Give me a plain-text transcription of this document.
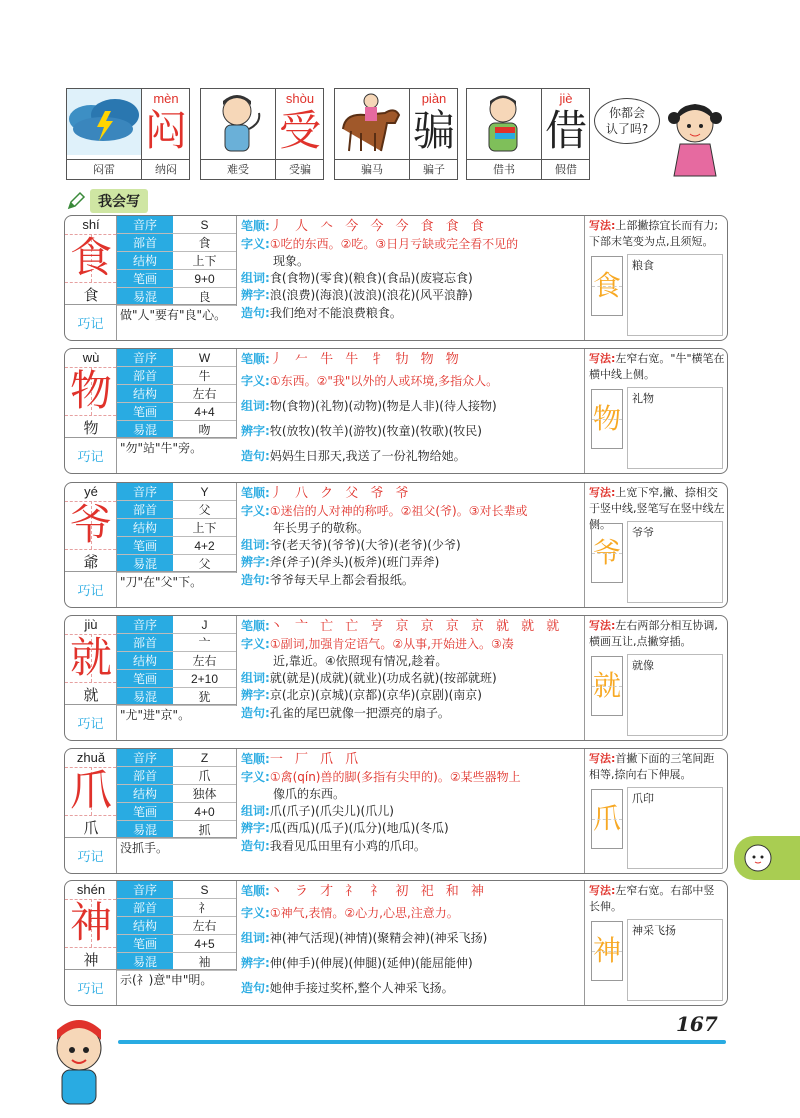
mèn
闷
闷雷	纳闷
shòu
受
难受	受骗
piàn
骗
骗马	骗子
jiè
借
借书	假借
你都会
认了吗?
我会写
shí
食
食
音序	S
部首	食
结构	上下
笔画	9+0
易混	良
巧记
做"人"要有"良"心。
笔顺:丿 人 𠆢 今 今 今 食 食 食
字义:①吃的东西。②吃。③日月亏缺或完全看不见的
现象。
组词:食(食物)(零食)(粮食)(食品)(废寝忘食)
辨字:浪(浪费)(海浪)(波浪)(浪花)(风平浪静)
造句:我们绝对不能浪费粮食。
写法:上部撇捺宜长而有力;下部末笔变为点,且须短。
食
粮食
wù
物
物
音序	W
部首	牛
结构	左右
笔画	4+4
易混	吻
巧记
"勿"站"牛"旁。
笔顺:丿 𠂉 牛 牛 牜 牞 物 物
字义:①东西。②"我"以外的人或环境,多指众人。
组词:物(食物)(礼物)(动物)(物是人非)(待人接物)
辨字:牧(放牧)(牧羊)(游牧)(牧童)(牧歌)(牧民)
造句:妈妈生日那天,我送了一份礼物给她。
写法:左窄右宽。"牛"横笔在横中线上侧。
物
礼物
yé
爷
爺
音序	Y
部首	父
结构	上下
笔画	4+2
易混	父
巧记
"刀"在"父"下。
笔顺:丿 八 ク 父 爷 爷
字义:①迷信的人对神的称呼。②祖父(爷)。③对长辈或
年长男子的敬称。
组词:爷(老天爷)(爷爷)(大爷)(老爷)(少爷)
辨字:斧(斧子)(斧头)(板斧)(班门弄斧)
造句:爷爷每天早上都会看报纸。
写法:上宽下窄,撇、捺相交于竖中线,竖笔写在竖中线左侧。
爷
爷爷
jiù
就
就
音序	J
部首	亠
结构	左右
笔画	2+10
易混	犹
巧记
"尤"进"京"。
笔顺:丶 亠 亡 亡 亨 京 京 京 京 就 就 就
字义:①副词,加强肯定语气。②从事,开始进入。③凑
近,靠近。④依照现有情况,趁着。
组词:就(就是)(成就)(就业)(功成名就)(按部就班)
辨字:京(北京)(京城)(京都)(京华)(京剧)(南京)
造句:孔雀的尾巴就像一把漂亮的扇子。
写法:左右两部分相互协调,横画互让,点撇穿插。
就
就像
zhuǎ
爪
爪
音序	Z
部首	爪
结构	独体
笔画	4+0
易混	抓
巧记
没抓手。
笔顺:一 厂 爪 爪
字义:①禽(qín)兽的脚(多指有尖甲的)。②某些器物上
像爪的东西。
组词:爪(爪子)(爪尖儿)(爪儿)
辨字:瓜(西瓜)(瓜子)(瓜分)(地瓜)(冬瓜)
造句:我看见瓜田里有小鸡的爪印。
写法:首撇下面的三笔间距相等,捺向右下伸展。
爪
爪印
shén
神
神
音序	S
部首	礻
结构	左右
笔画	4+5
易混	袖
巧记
示(礻)意"申"明。
笔顺:丶 ラ 才 礻 礻 初 祀 和 神
字义:①神气,表情。②心力,心思,注意力。
组词:神(神气活现)(神情)(聚精会神)(神采飞扬)
辨字:伸(伸手)(伸展)(伸腿)(延伸)(能屈能伸)
造句:她伸手接过奖杯,整个人神采飞扬。
写法:左窄右宽。右部中竖长伸。
神
神采飞扬
167
